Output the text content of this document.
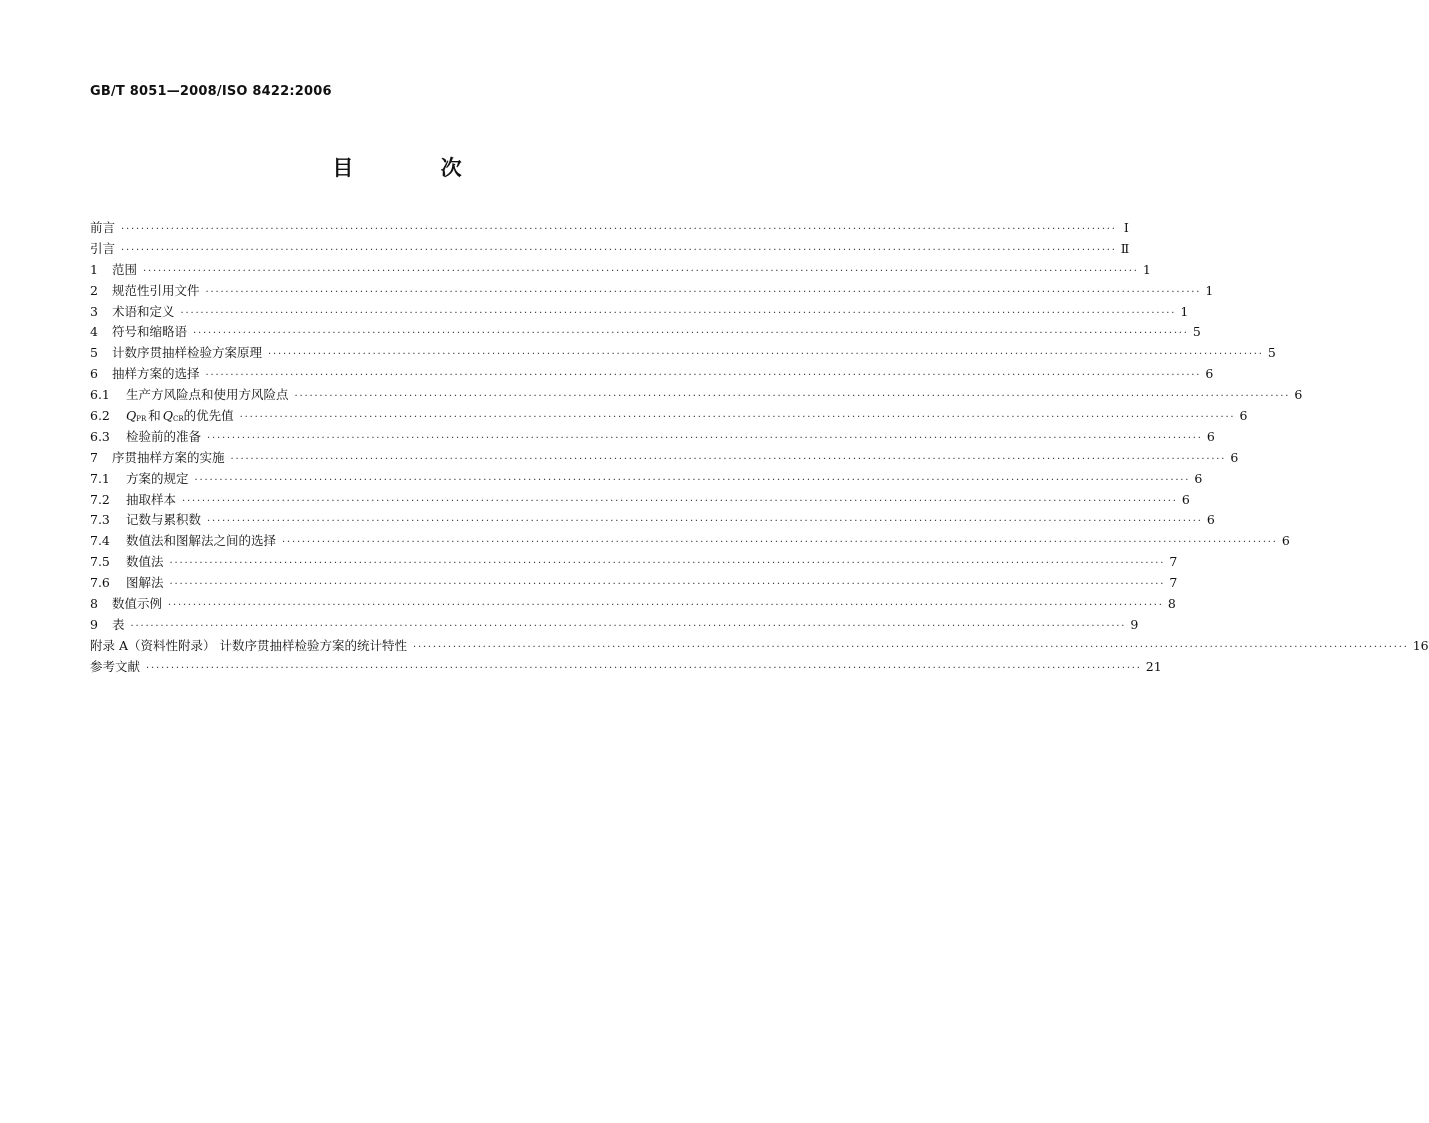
GB/T 8051—2008/ISO 8422:2006
目 次
前言 ········································································································································································································ Ⅰ
引言 ········································································································································································································ Ⅱ
1	范围 ········································································································································································································ 1
2	规范性引用文件 ········································································································································································································ 1
3	术语和定义 ········································································································································································································ 1
4	符号和缩略语 ········································································································································································································ 5
5	计数序贯抽样检验方案原理 ········································································································································································································ 5
6	抽样方案的选择 ········································································································································································································ 6
6.1	生产方风险点和使用方风险点 ········································································································································································································ 6
6.2	$Q_{PR}$ 和 $Q_{CR}$的优先值 ········································································································································································································ 6
6.3	检验前的准备 ········································································································································································································ 6
7	序贯抽样方案的实施 ········································································································································································································ 6
7.1	方案的规定 ········································································································································································································ 6
7.2	抽取样本 ········································································································································································································ 6
7.3	记数与累积数 ········································································································································································································ 6
7.4	数值法和图解法之间的选择 ········································································································································································································ 6
7.5	数值法 ········································································································································································································ 7
7.6	图解法 ········································································································································································································ 7
8	数值示例 ········································································································································································································ 8
9	表 ········································································································································································································ 9
附录 A（资料性附录） 计数序贯抽样检验方案的统计特性 ········································································································································································································ 16
参考文献 ········································································································································································································ 21
